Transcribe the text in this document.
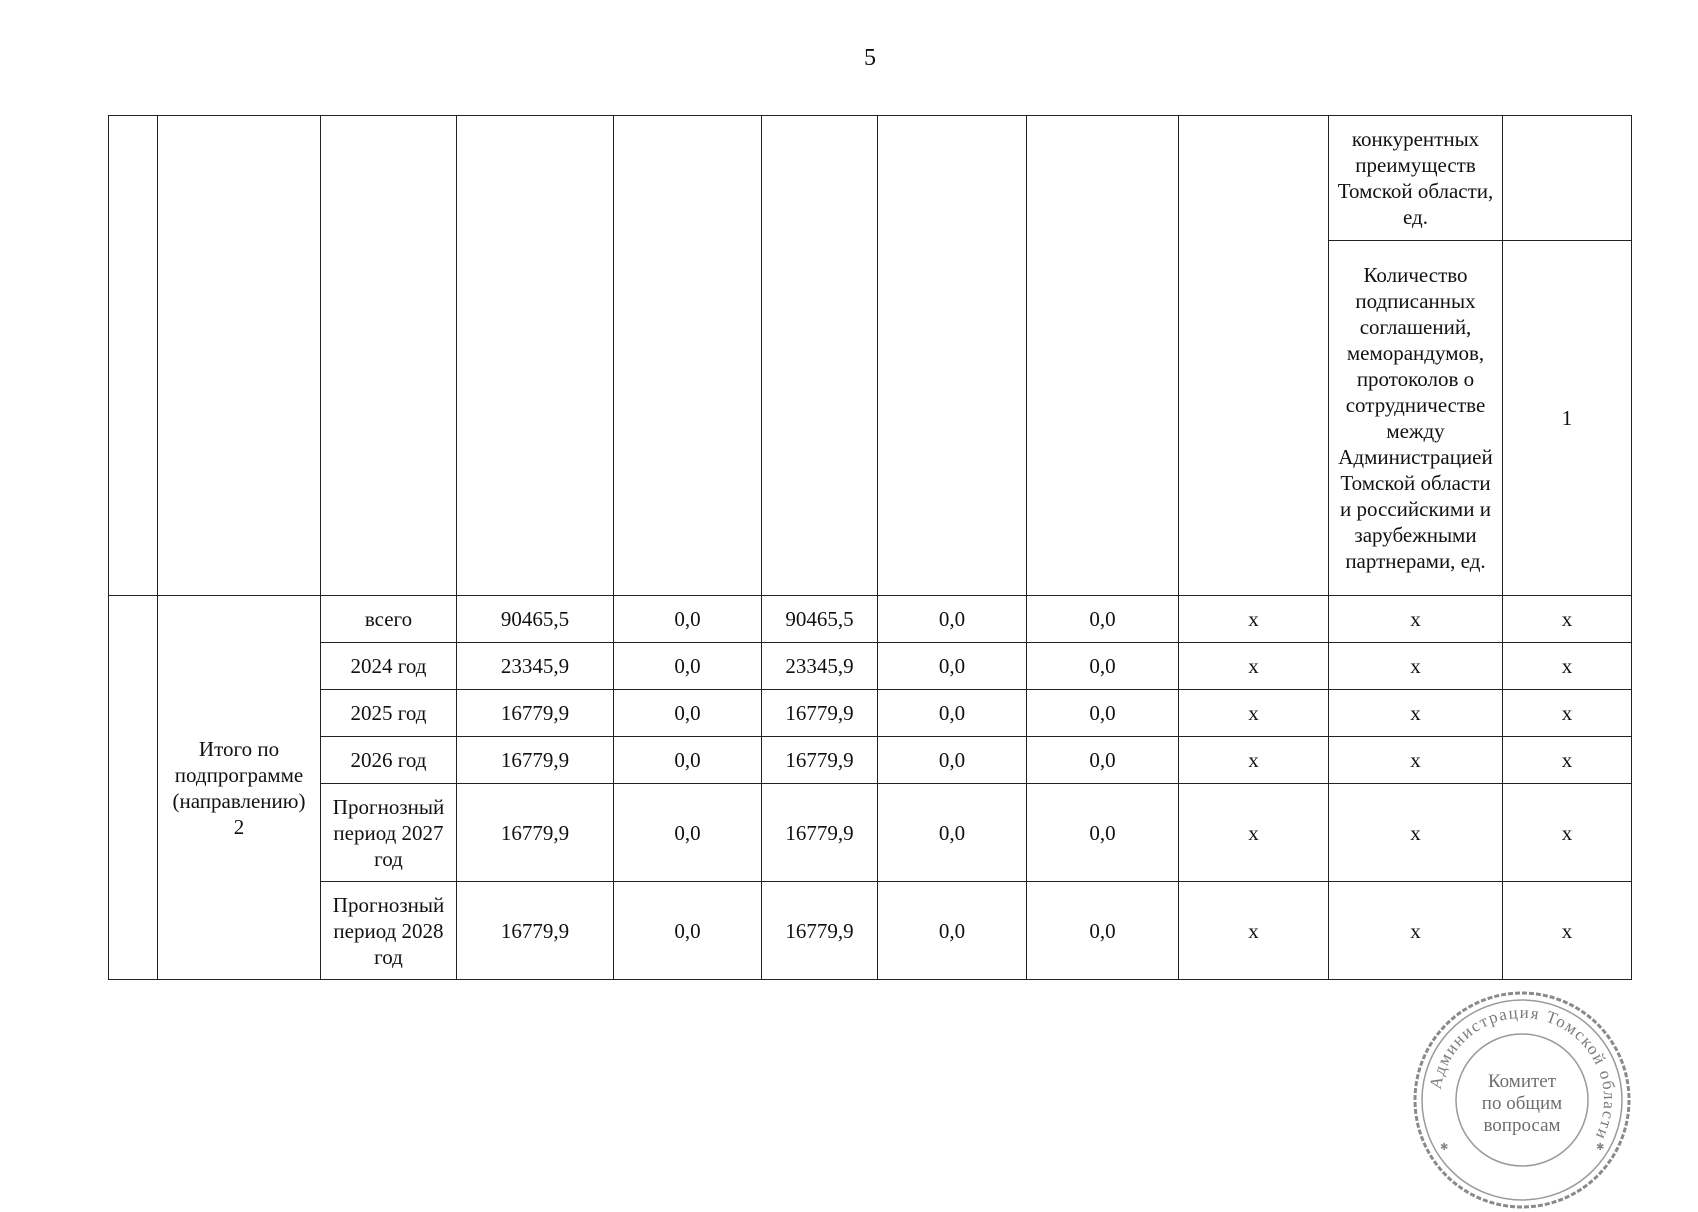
5
									конкурентных преимуществ Томской области, ед.	
									Количество подписанных соглашений, меморандумов, протоколов о сотрудничестве между Администрацией Томской области и российскими и зарубежными партнерами, ед.	1
	Итого по подпрограмме (направлению) 2	всего	90465,5	0,0	90465,5	0,0	0,0	x	x	x
		2024 год	23345,9	0,0	23345,9	0,0	0,0	x	x	x
		2025 год	16779,9	0,0	16779,9	0,0	0,0	x	x	x
		2026 год	16779,9	0,0	16779,9	0,0	0,0	x	x	x
		Прогнозный период 2027 год	16779,9	0,0	16779,9	0,0	0,0	x	x	x
		Прогнозный период 2028 год	16779,9	0,0	16779,9	0,0	0,0	x	x	x
Администрация Томской области
Комитет
по общим
вопросам
✱	✱
